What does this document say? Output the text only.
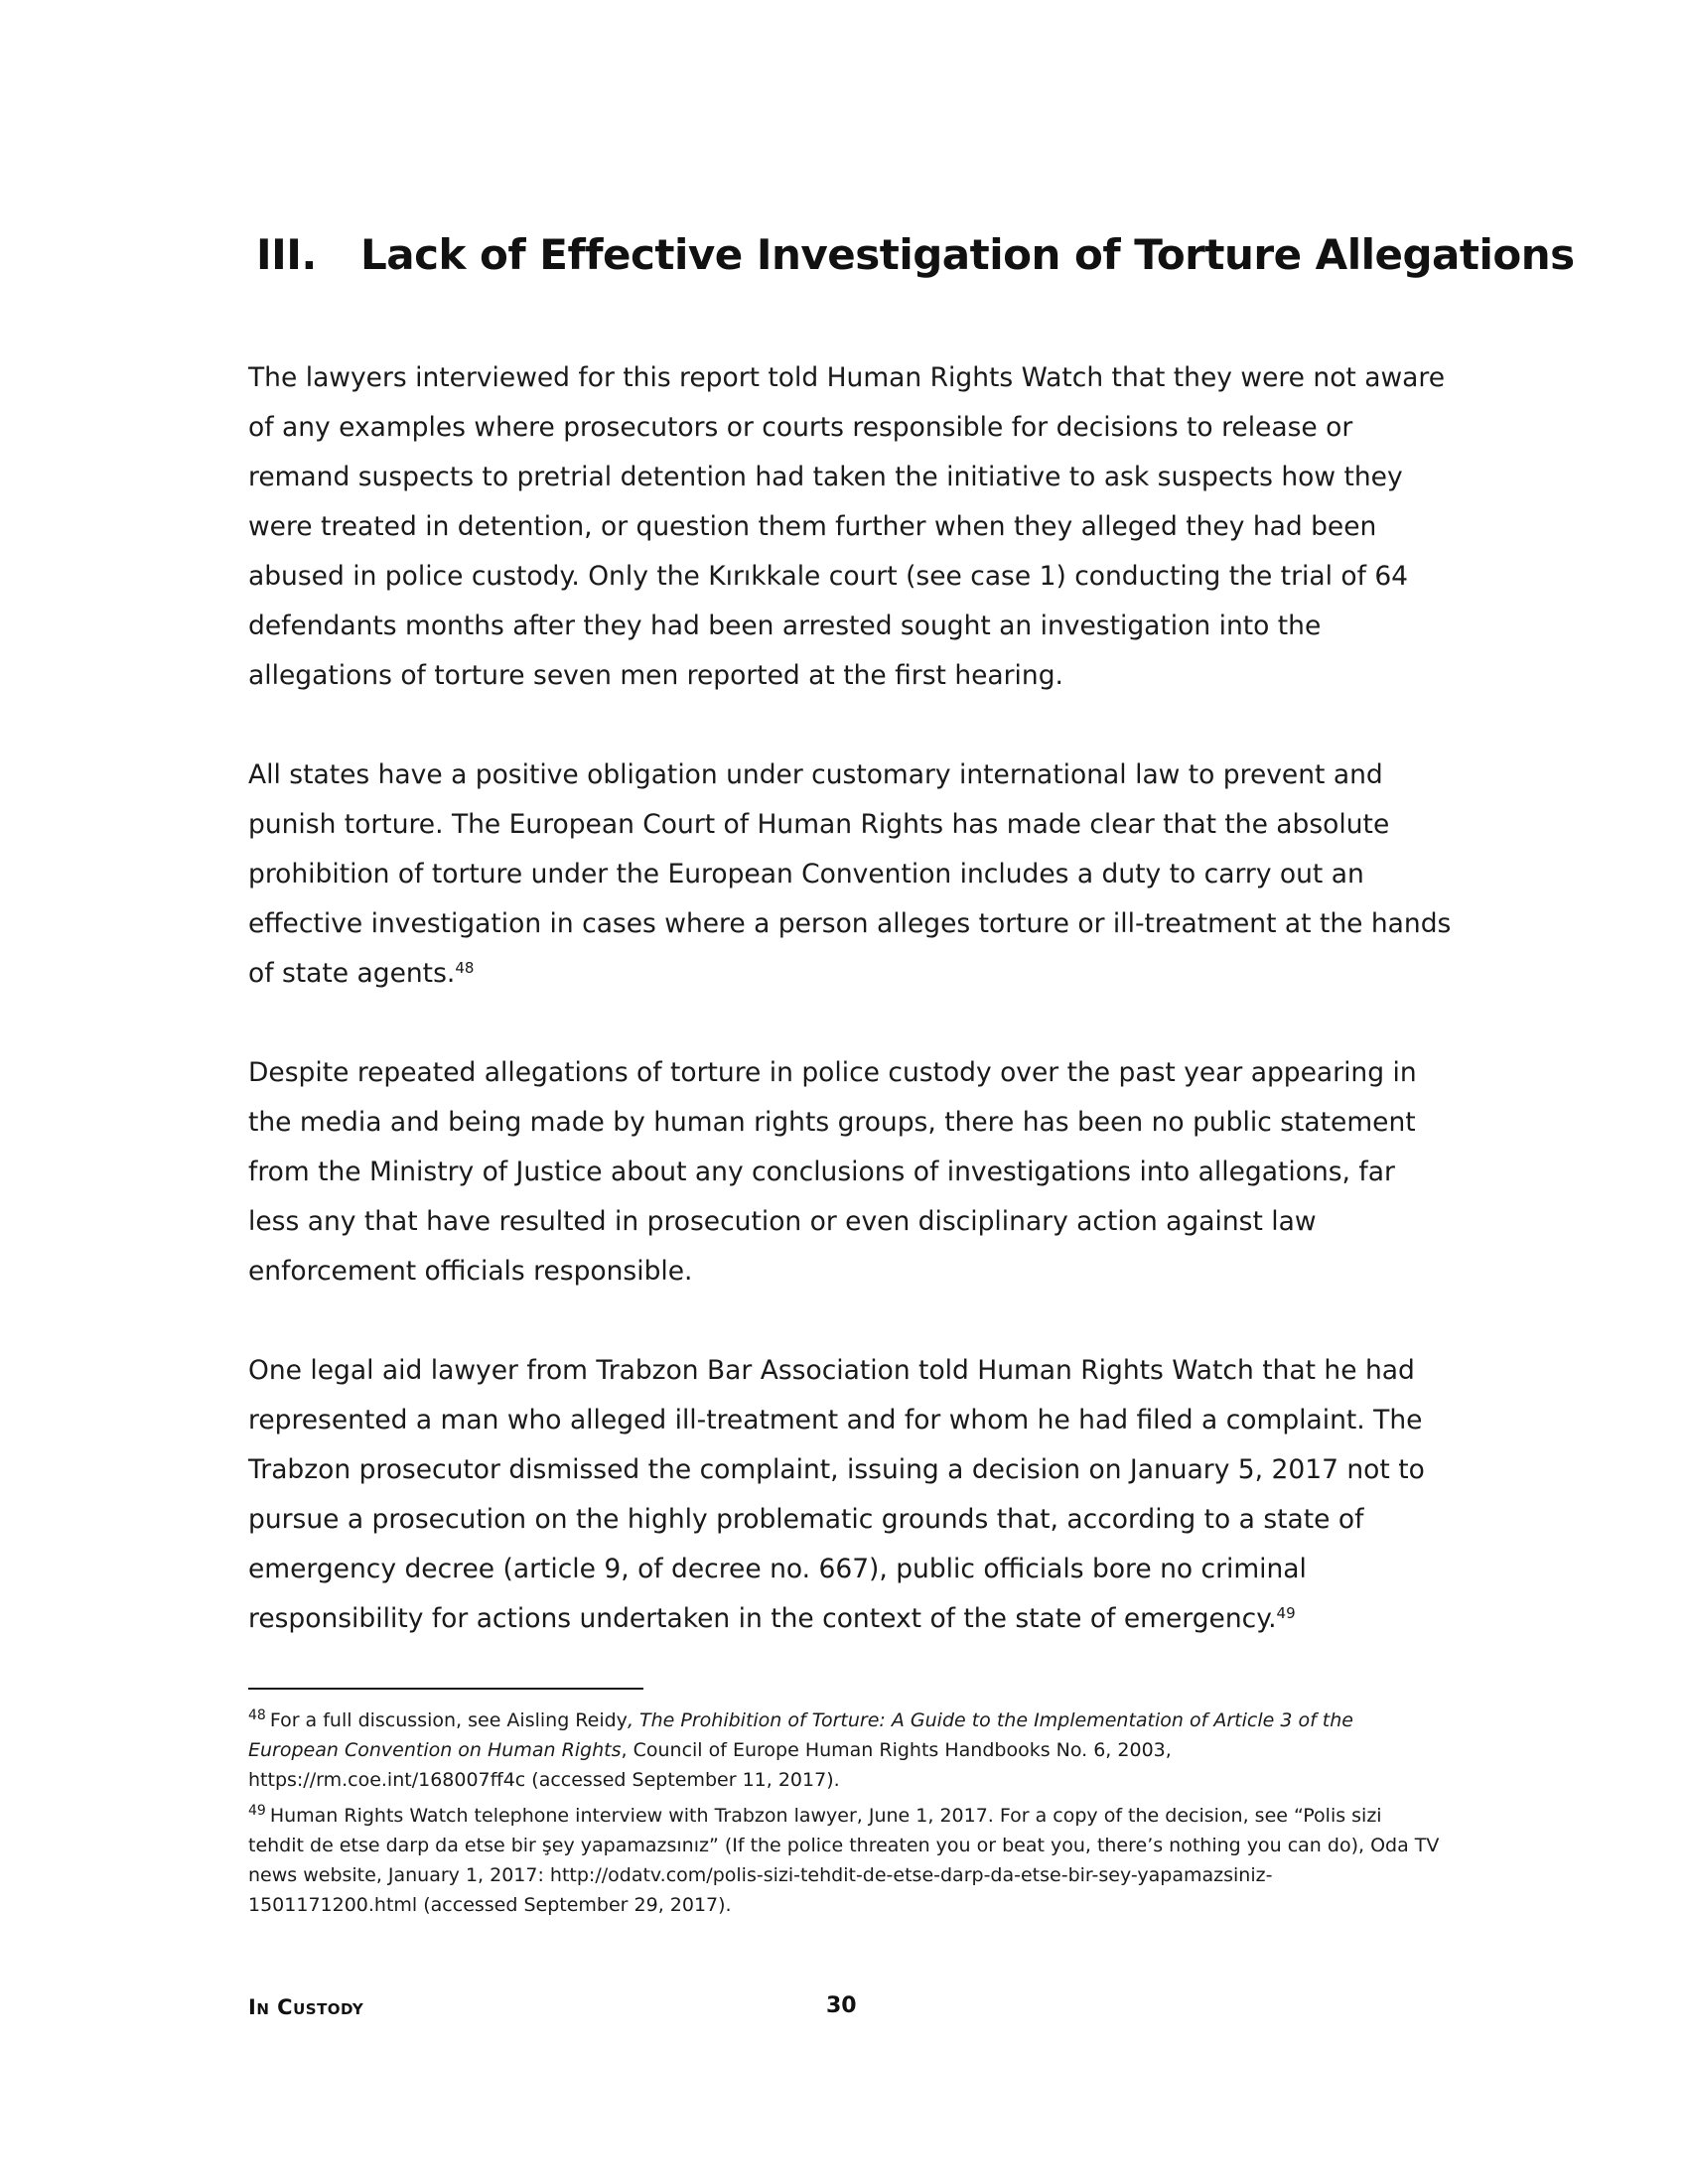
III. Lack of Effective Investigation of Torture Allegations

The lawyers interviewed for this report told Human Rights Watch that they were not aware
of any examples where prosecutors or courts responsible for decisions to release or
remand suspects to pretrial detention had taken the initiative to ask suspects how they
were treated in detention, or question them further when they alleged they had been
abused in police custody. Only the Kırıkkale court (see case 1) conducting the trial of 64
defendants months after they had been arrested sought an investigation into the
allegations of torture seven men reported at the first hearing.

All states have a positive obligation under customary international law to prevent and
punish torture. The European Court of Human Rights has made clear that the absolute
prohibition of torture under the European Convention includes a duty to carry out an
effective investigation in cases where a person alleges torture or ill-treatment at the hands
of state agents.$^{48}$

Despite repeated allegations of torture in police custody over the past year appearing in
the media and being made by human rights groups, there has been no public statement
from the Ministry of Justice about any conclusions of investigations into allegations, far
less any that have resulted in prosecution or even disciplinary action against law
enforcement officials responsible.

One legal aid lawyer from Trabzon Bar Association told Human Rights Watch that he had
represented a man who alleged ill-treatment and for whom he had filed a complaint. The
Trabzon prosecutor dismissed the complaint, issuing a decision on January 5, 2017 not to
pursue a prosecution on the highly problematic grounds that, according to a state of
emergency decree (article 9, of decree no. 667), public officials bore no criminal
responsibility for actions undertaken in the context of the state of emergency.$^{49}$

$^{48}$ For a full discussion, see Aisling Reidy, The Prohibition of Torture: A Guide to the Implementation of Article 3 of the
European Convention on Human Rights, Council of Europe Human Rights Handbooks No. 6, 2003,
https://rm.coe.int/168007ff4c (accessed September 11, 2017).
$^{49}$ Human Rights Watch telephone interview with Trabzon lawyer, June 1, 2017. For a copy of the decision, see “Polis sizi
tehdit de etse darp da etse bir şey yapamazsınız” (If the police threaten you or beat you, there’s nothing you can do), Oda TV
news website, January 1, 2017: http://odatv.com/polis-sizi-tehdit-de-etse-darp-da-etse-bir-sey-yapamazsiniz-
1501171200.html (accessed September 29, 2017).
In Custody	30
